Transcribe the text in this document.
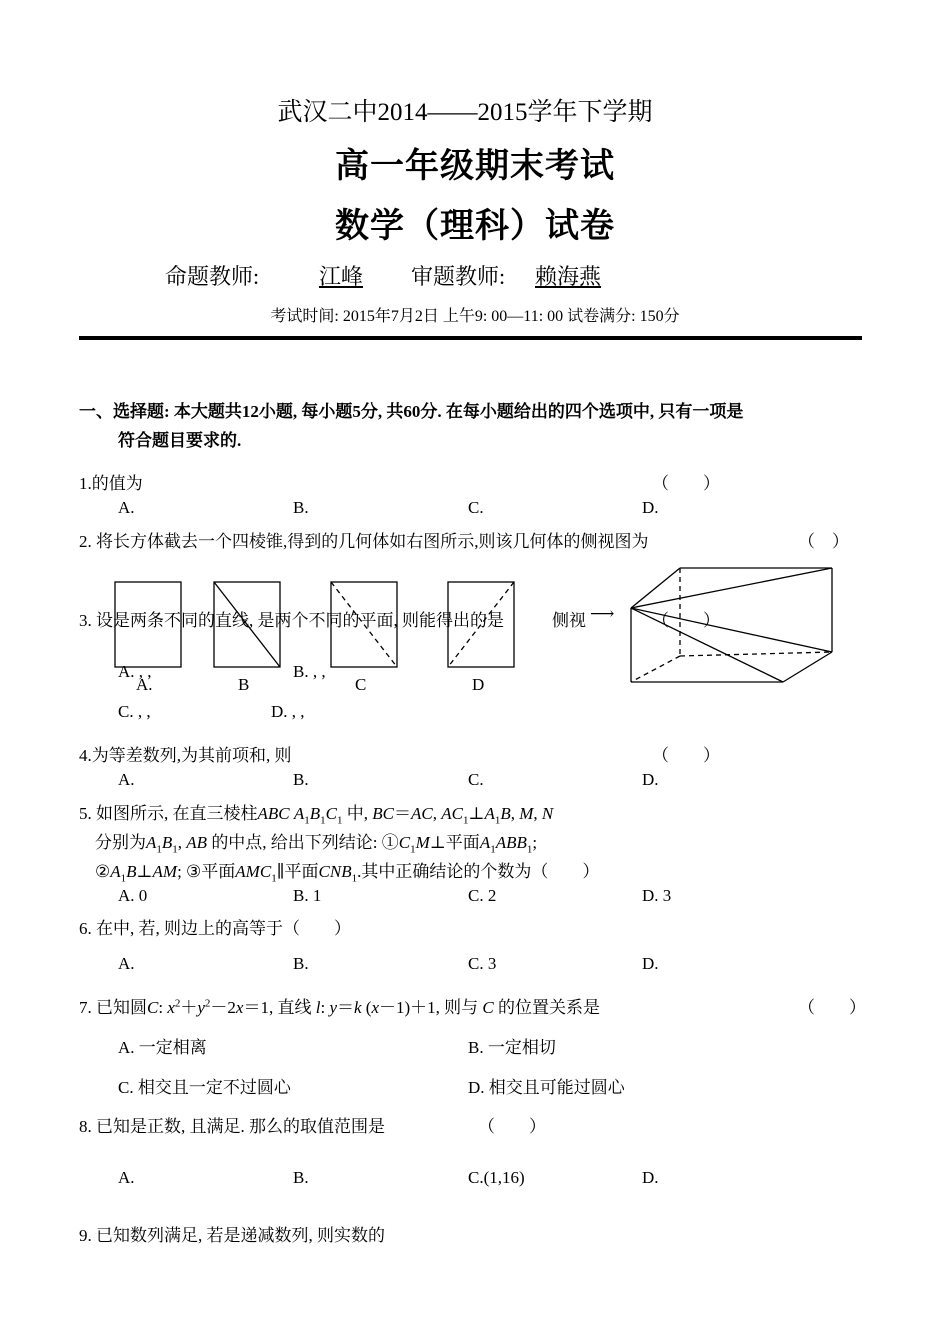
武汉二中2014——2015学年下学期
高一年级期末考试
数学（理科）试卷
命题教师:	江峰	审题教师:	赖海燕
考试时间: 2015年7月2日 上午9: 00—11: 00 试卷满分: 150分
一、选择题: 本大题共12小题, 每小题5分, 共60分. 在每小题给出的四个选项中, 只有一项是
符合题目要求的.
1.的值为	（　　）
A.	B.	C.	D.
2. 将长方体截去一个四棱锥,得到的几何体如右图所示,则该几何体的侧视图为	（　）
A.	B	C	D
3. 设是两条不同的直线, 是两个不同的平面, 则能得出的是	侧视 ⟶ （　　）
A. , ,	B. , ,
C. , ,	D. , ,
4.为等差数列,为其前项和, 则	（　　）
A.	B.	C.	D.
5. 如图所示, 在直三棱柱ABC $A_1B_1C_1$ 中, BC＝AC, $AC_1\perp A_1B$, M, N
分别为$A_1B_1$, AB 的中点, 给出下列结论: $①C_1M\perp$平面$A_1ABB_1$;
$②A_1B\perp AM$; ③平面$AMC_1\parallel$平面$CNB_1$.其中正确结论的个数为（　　）
A. 0	B. 1	C. 2	D. 3
6. 在中, 若, 则边上的高等于（　　）
A.	B.	C. 3	D.
7. 已知圆C: $x^2+y^2-2x=1$, 直线 l: y＝k (x－1)＋1, 则与 C 的位置关系是	（　　）
A. 一定相离	B. 一定相切
C. 相交且一定不过圆心	D. 相交且可能过圆心
8. 已知是正数, 且满足. 那么的取值范围是	（　　）
A.	B.	C.(1,16)	D.
9. 已知数列满足, 若是递减数列, 则实数的
